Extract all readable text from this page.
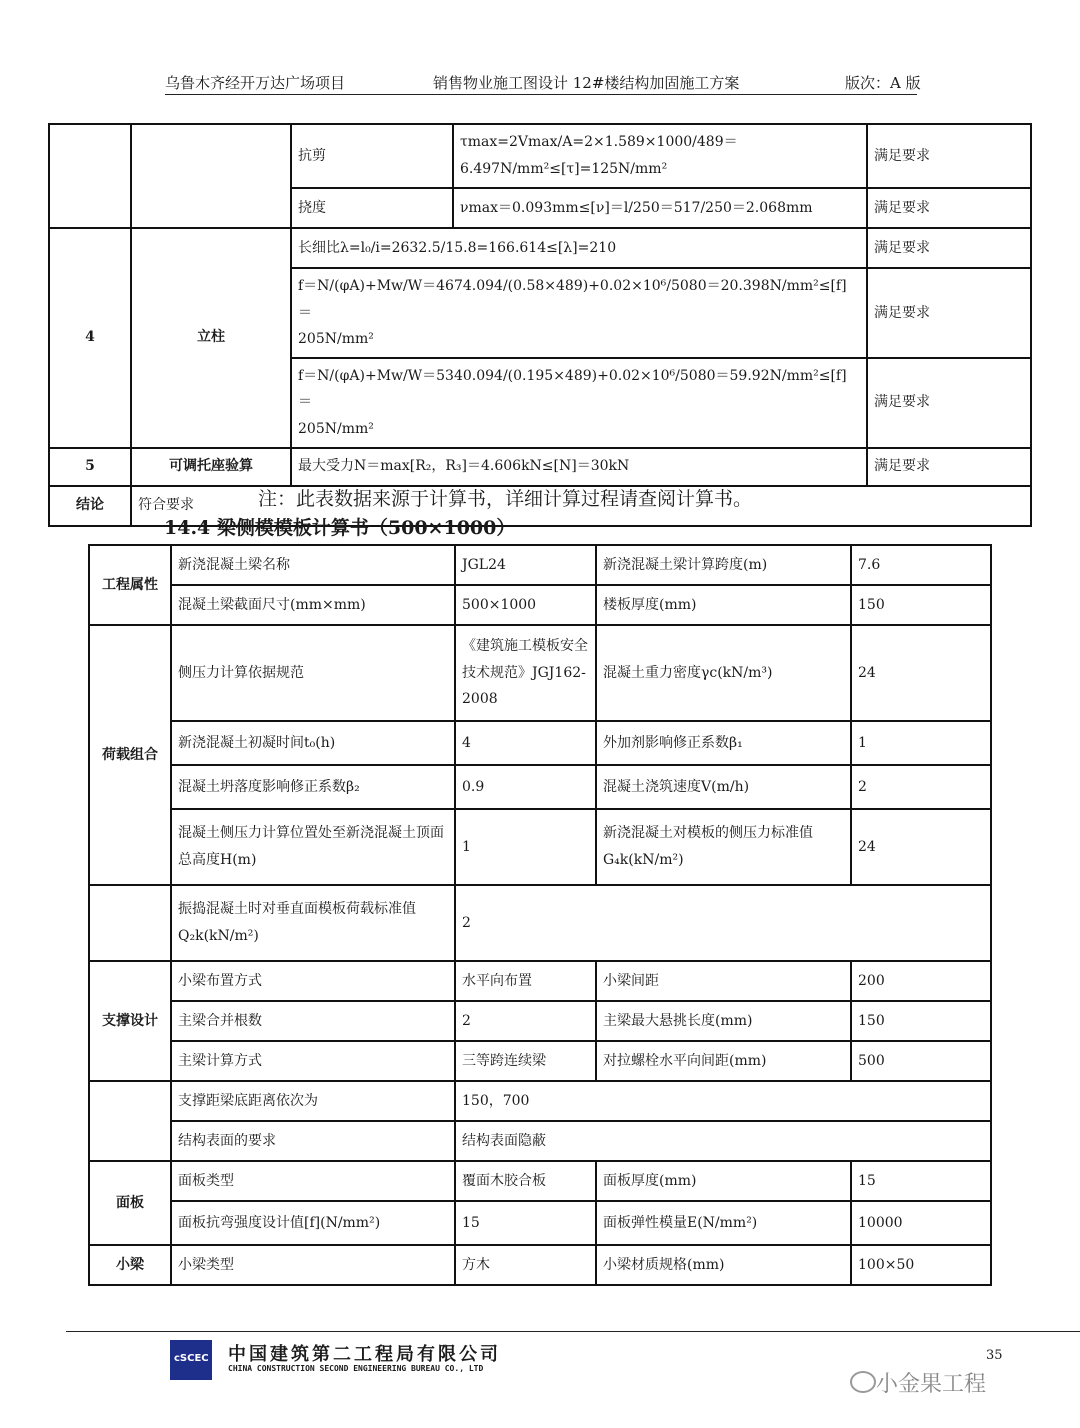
乌鲁木齐经开万达广场项目	销售物业施工图设计 12#楼结构加固施工方案	版次：A 版
		抗剪	τmax=2Vmax/A=2×1.589×1000/489＝
6.497N/mm²≤[τ]=125N/mm²	满足要求
		挠度	νmax＝0.093mm≤[ν]＝l/250＝517/250＝2.068mm	满足要求
4	立柱	长细比λ=l₀/i=2632.5/15.8=166.614≤[λ]=210		满足要求

		f＝N/(φA)+Mw/W＝4674.094/(0.58×489)+0.02×10⁶/5080＝20.398N/mm²≤[f]＝
205N/mm²		满足要求

		f＝N/(φA)+Mw/W＝5340.094/(0.195×489)+0.02×10⁶/5080＝59.92N/mm²≤[f]＝
205N/mm²		满足要求
5	可调托座验算	最大受力N＝max[R₂，R₃]＝4.606kN≤[N]＝30kN		满足要求
结论	符合要求				注：此表数据来源于计算书，详细计算过程请查阅计算书。
14.4 梁侧模模板计算书（500×1000）
工程属性	新浇混凝土梁名称	JGL24	新浇混凝土梁计算跨度(m)	7.6
	混凝土梁截面尺寸(mm×mm)	500×1000	楼板厚度(mm)	150
荷载组合	侧压力计算依据规范	《建筑施工模板安全技术规范》JGJ162-2008	混凝土重力密度γc(kN/m³)	24
	新浇混凝土初凝时间t₀(h)	4	外加剂影响修正系数β₁	1
	混凝土坍落度影响修正系数β₂	0.9	混凝土浇筑速度V(m/h)	2
	混凝土侧压力计算位置处至新浇混凝土顶面总高度H(m)	1	新浇混凝土对模板的侧压力标准值G₄k(kN/m²)	24
	振捣混凝土时对垂直面模板荷载标准值Q₂k(kN/m²)	2		
支撑设计	小梁布置方式	水平向布置	小梁间距	200
	主梁合并根数	2	主梁最大悬挑长度(mm)	150
	主梁计算方式	三等跨连续梁	对拉螺栓水平向间距(mm)	500
	支撑距梁底距离依次为	150，700		
	结构表面的要求	结构表面隐蔽		
面板	面板类型	覆面木胶合板	面板厚度(mm)	15
	面板抗弯强度设计值[f](N/mm²)	15	面板弹性模量E(N/mm²)	10000
小梁	小梁类型	方木	小梁材质规格(mm)	100×50
cSCEC 中国建筑第二工程局有限公司
CHINA CONSTRUCTION SECOND ENGINEERING BUREAU CO., LTD
35
小金果工程
